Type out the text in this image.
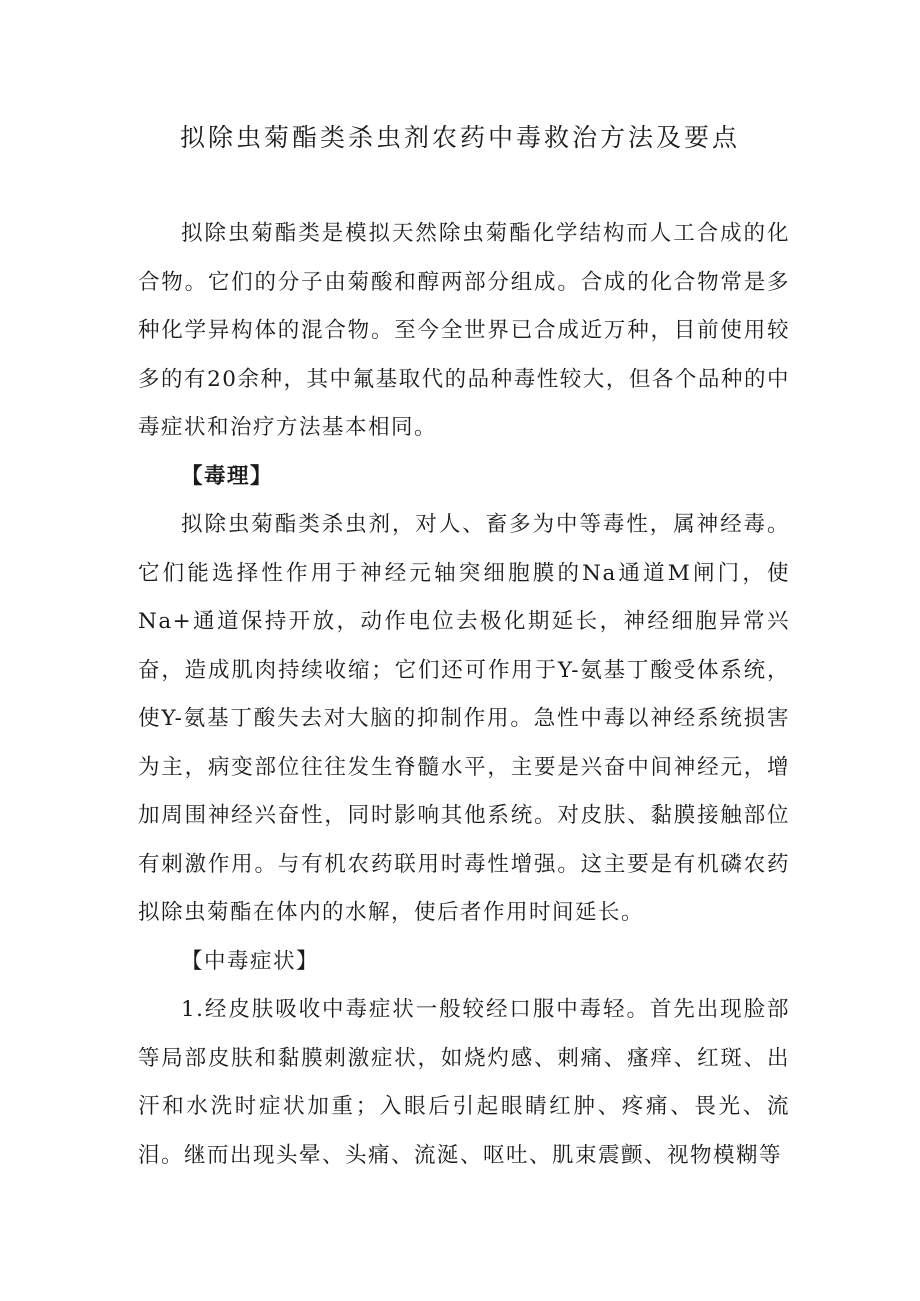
拟除虫菊酯类杀虫剂农药中毒救治方法及要点

拟除虫菊酯类是模拟天然除虫菊酯化学结构而人工合成的化合物。它们的分子由菊酸和醇两部分组成。合成的化合物常是多种化学异构体的混合物。至今全世界已合成近万种，目前使用较多的有20余种，其中氟基取代的品种毒性较大，但各个品种的中毒症状和治疗方法基本相同。

【毒理】

拟除虫菊酯类杀虫剂，对人、畜多为中等毒性，属神经毒。它们能选择性作用于神经元轴突细胞膜的Na通道M闸门，使Na+通道保持开放，动作电位去极化期延长，神经细胞异常兴奋，造成肌肉持续收缩；它们还可作用于Y-氨基丁酸受体系统，使Y-氨基丁酸失去对大脑的抑制作用。急性中毒以神经系统损害为主，病变部位往往发生脊髓水平，主要是兴奋中间神经元，增加周围神经兴奋性，同时影响其他系统。对皮肤、黏膜接触部位有刺激作用。与有机农药联用时毒性增强。这主要是有机磷农药拟除虫菊酯在体内的水解，使后者作用时间延长。

【中毒症状】

1.经皮肤吸收中毒症状一般较经口服中毒轻。首先出现脸部等局部皮肤和黏膜刺激症状，如烧灼感、刺痛、瘙痒、红斑、出汗和水洗时症状加重；入眼后引起眼睛红肿、疼痛、畏光、流泪。继而出现头晕、头痛、流涎、呕吐、肌束震颤、视物模糊等
